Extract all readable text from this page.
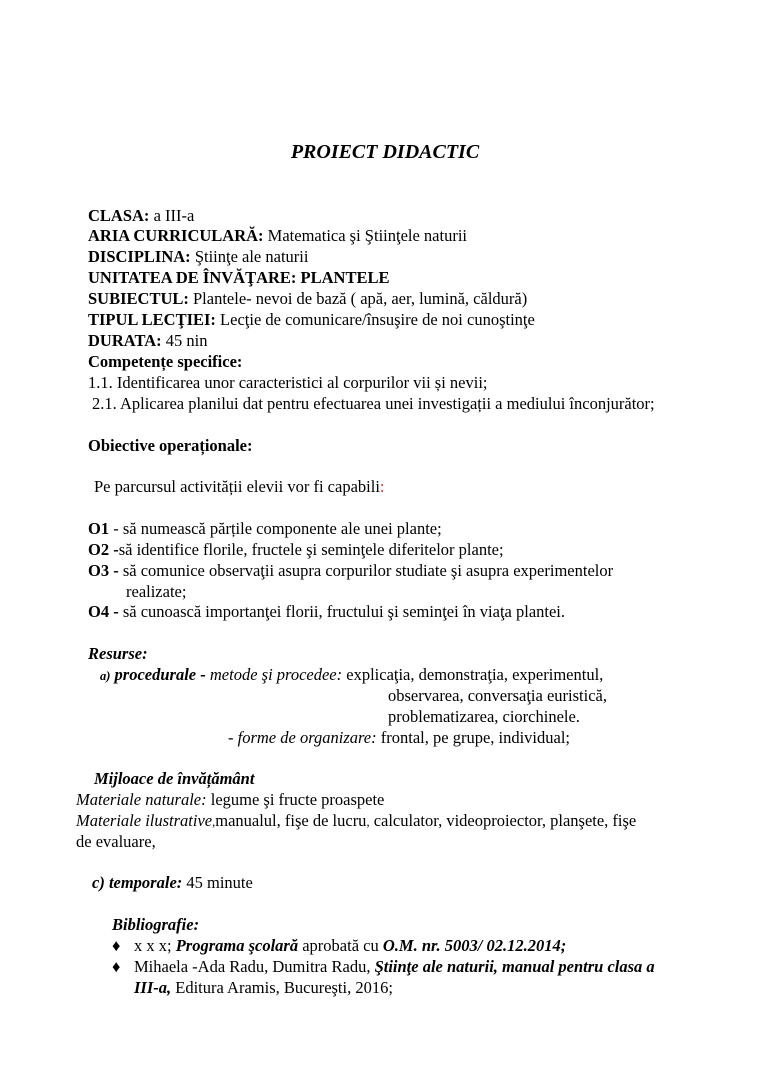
PROIECT DIDACTIC
CLASA: a III-a
ARIA CURRICULARĂ: Matematica şi Ştiinţele naturii
DISCIPLINA: Ştiinţe ale naturii
UNITATEA DE ÎNVĂŢARE: PLANTELE
SUBIECTUL: Plantele- nevoi de bază ( apă, aer, lumină, căldură)
TIPUL LECŢIEI: Lecţie de comunicare/însuşire de noi cunoştinţe
DURATA: 45 nin
Competențe specifice:
1.1. Identificarea unor caracteristici al corpurilor vii și nevii;
2.1. Aplicarea planilui dat pentru efectuarea unei investigații a mediului înconjurător;
Obiective operaționale:
Pe parcursul activității elevii vor fi capabili:
O1 - să numească părțile componente ale unei plante;
O2 -să identifice florile, fructele şi seminţele diferitelor plante;
O3 - să comunice observaţii asupra corpurilor studiate şi asupra experimentelor
realizate;
O4 - să cunoască importanţei florii, fructului şi seminţei în viaţa plantei.
Resurse:
a) procedurale - metode şi procedee: explicaţia, demonstraţia, experimentul,
observarea, conversaţia euristică,
problematizarea, ciorchinele.
- forme de organizare: frontal, pe grupe, individual;
Mijloace de învățământ
Materiale naturale: legume şi fructe proaspete
Materiale ilustrative,manualul, fişe de lucru, calculator, videoproiector, planşete, fişe
de evaluare,
c) temporale: 45 minute
Bibliografie:
♦ x x x; Programa şcolară aprobată cu O.M. nr. 5003/ 02.12.2014;
♦ Mihaela -Ada Radu, Dumitra Radu, Ştiinţe ale naturii, manual pentru clasa a
III-a, Editura Aramis, Bucureşti, 2016;
